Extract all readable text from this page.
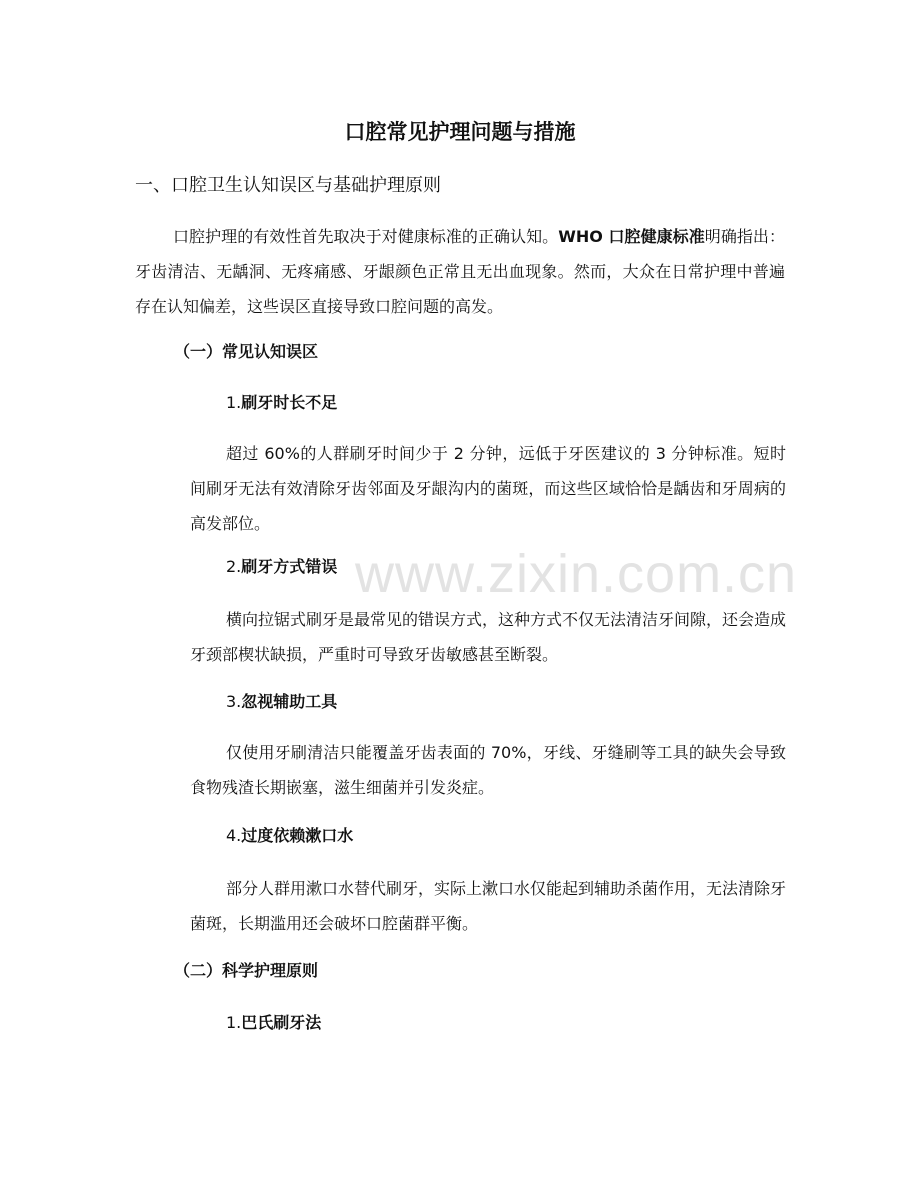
www.zixin.com.cn
口腔常见护理问题与措施
一、口腔卫生认知误区与基础护理原则
口腔护理的有效性首先取决于对健康标准的正确认知。WHO 口腔健康标准明确指出：牙齿清洁、无龋洞、无疼痛感、牙龈颜色正常且无出血现象。然而，大众在日常护理中普遍存在认知偏差，这些误区直接导致口腔问题的高发。
（一）常见认知误区
1.刷牙时长不足
超过 60%的人群刷牙时间少于 2 分钟，远低于牙医建议的 3 分钟标准。短时间刷牙无法有效清除牙齿邻面及牙龈沟内的菌斑，而这些区域恰恰是龋齿和牙周病的高发部位。
2.刷牙方式错误
横向拉锯式刷牙是最常见的错误方式，这种方式不仅无法清洁牙间隙，还会造成牙颈部楔状缺损，严重时可导致牙齿敏感甚至断裂。
3.忽视辅助工具
仅使用牙刷清洁只能覆盖牙齿表面的 70%，牙线、牙缝刷等工具的缺失会导致食物残渣长期嵌塞，滋生细菌并引发炎症。
4.过度依赖漱口水
部分人群用漱口水替代刷牙，实际上漱口水仅能起到辅助杀菌作用，无法清除牙菌斑，长期滥用还会破坏口腔菌群平衡。
（二）科学护理原则
1.巴氏刷牙法
